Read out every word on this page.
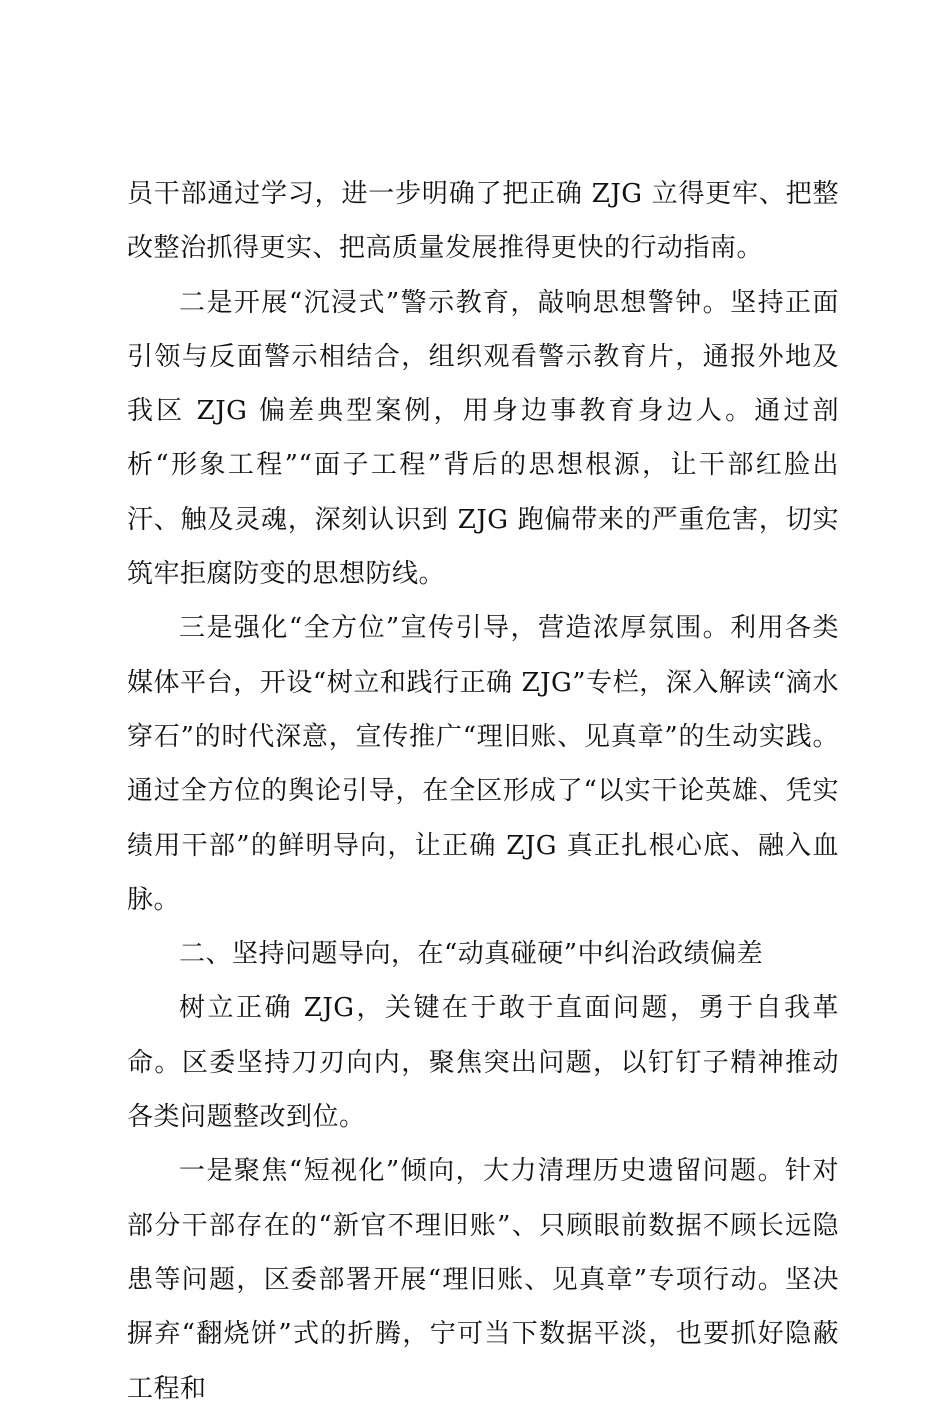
员干部通过学习，进一步明确了把正确 ZJG 立得更牢、把整改整治抓得更实、把高质量发展推得更快的行动指南。

二是开展“沉浸式”警示教育，敲响思想警钟。坚持正面引领与反面警示相结合，组织观看警示教育片，通报外地及我区 ZJG 偏差典型案例，用身边事教育身边人。通过剖析“形象工程”“面子工程”背后的思想根源，让干部红脸出汗、触及灵魂，深刻认识到 ZJG 跑偏带来的严重危害，切实筑牢拒腐防变的思想防线。

三是强化“全方位”宣传引导，营造浓厚氛围。利用各类媒体平台，开设“树立和践行正确 ZJG”专栏，深入解读“滴水穿石”的时代深意，宣传推广“理旧账、见真章”的生动实践。通过全方位的舆论引导，在全区形成了“以实干论英雄、凭实绩用干部”的鲜明导向，让正确 ZJG 真正扎根心底、融入血脉。

二、坚持问题导向，在“动真碰硬”中纠治政绩偏差

树立正确 ZJG，关键在于敢于直面问题，勇于自我革命。区委坚持刀刃向内，聚焦突出问题，以钉钉子精神推动各类问题整改到位。

一是聚焦“短视化”倾向，大力清理历史遗留问题。针对部分干部存在的“新官不理旧账”、只顾眼前数据不顾长远隐患等问题，区委部署开展“理旧账、见真章”专项行动。坚决摒弃“翻烧饼”式的折腾，宁可当下数据平淡，也要抓好隐蔽工程和
